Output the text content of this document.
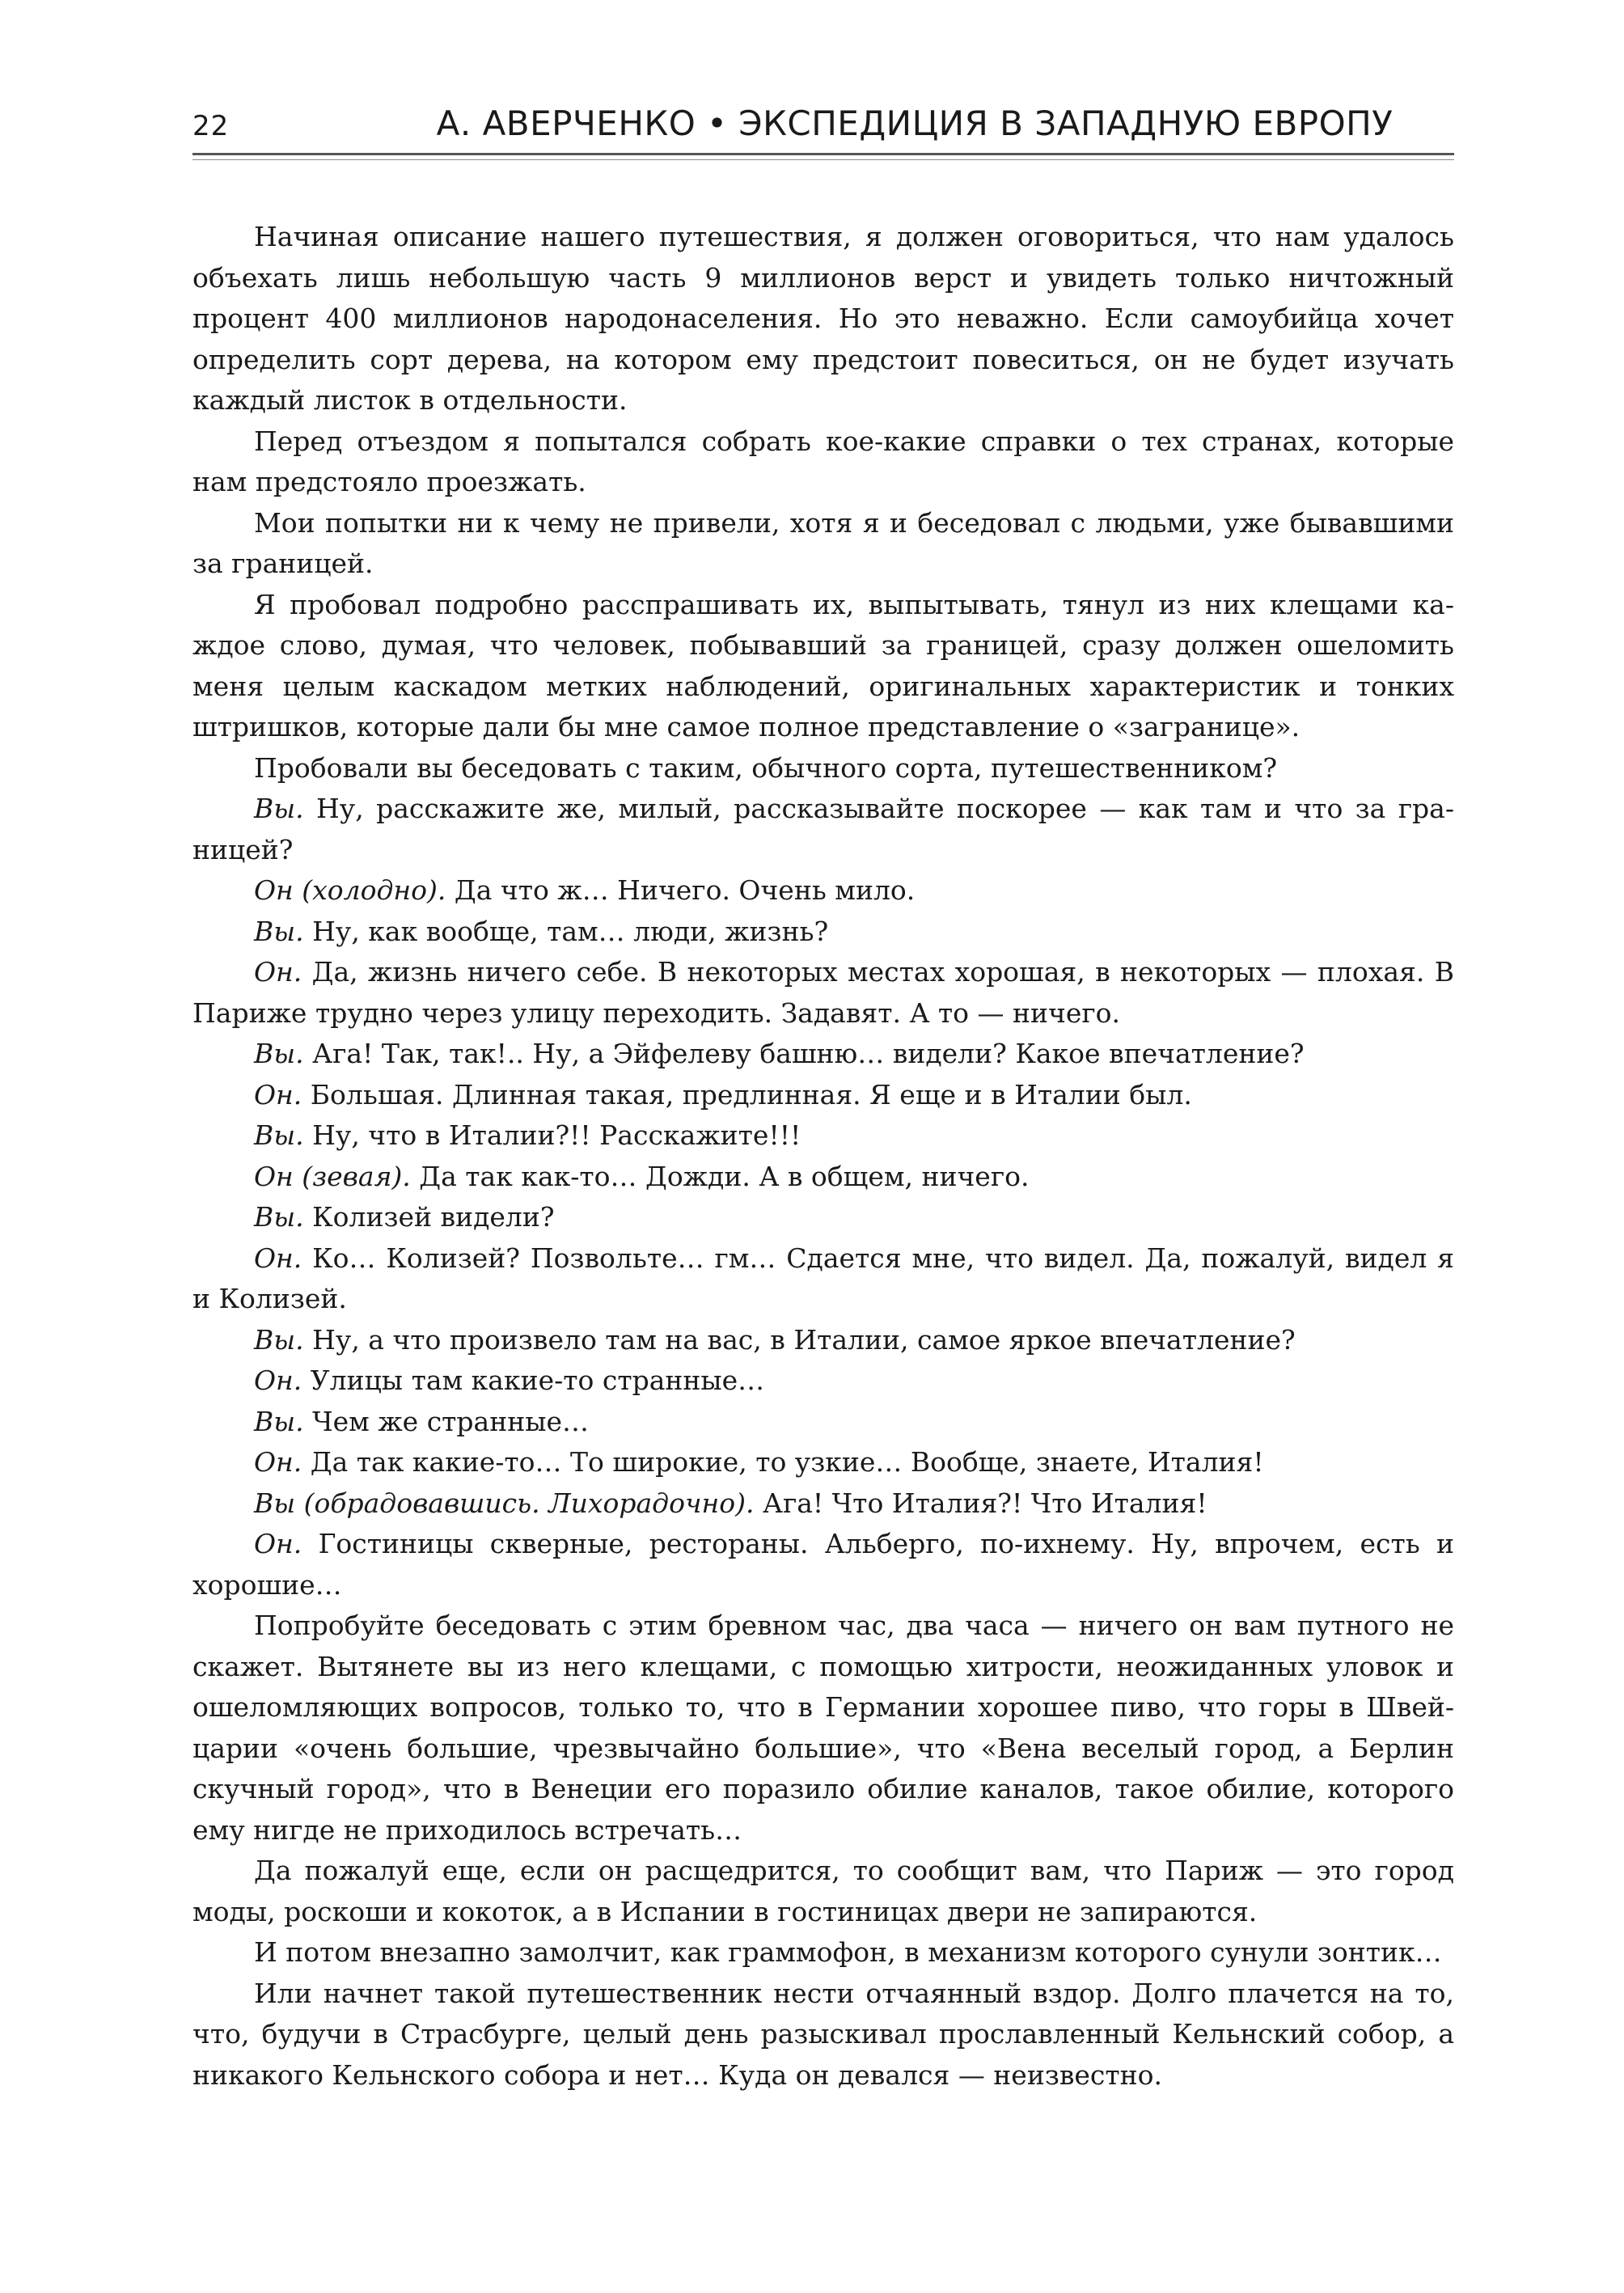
22	А. АВЕРЧЕНКО • ЭКСПЕДИЦИЯ В ЗАПАДНУЮ ЕВРОПУ

Начиная описание нашего путешествия, я должен оговориться, что нам удалось объехать лишь небольшую часть 9 миллионов верст и увидеть только ничтожный процент 400 миллионов народонаселения. Но это неважно. Если самоубийца хочет определить сорт дерева, на котором ему предстоит повеситься, он не будет изучать каждый листок в отдельности.

Перед отъездом я попытался собрать кое-какие справки о тех странах, которые нам предстояло проезжать.

Мои попытки ни к чему не привели, хотя я и беседовал с людьми, уже бывавшими за границей.

Я пробовал подробно расспрашивать их, выпытывать, тянул из них клещами каждое слово, думая, что человек, побывавший за границей, сразу должен ошеломить меня целым каскадом метких наблюдений, оригинальных характеристик и тонких штришков, которые дали бы мне самое полное представление о «загранице».

Пробовали вы беседовать с таким, обычного сорта, путешественником?

Вы. Ну, расскажите же, милый, рассказывайте поскорее — как там и что за границей?

Он (холодно). Да что ж… Ничего. Очень мило.

Вы. Ну, как вообще, там… люди, жизнь?

Он. Да, жизнь ничего себе. В некоторых местах хорошая, в некоторых — плохая. В Париже трудно через улицу переходить. Задавят. А то — ничего.

Вы. Ага! Так, так!.. Ну, а Эйфелеву башню… видели? Какое впечатление?

Он. Большая. Длинная такая, предлинная. Я еще и в Италии был.

Вы. Ну, что в Италии?!! Расскажите!!!

Он (зевая). Да так как-то… Дожди. А в общем, ничего.

Вы. Колизей видели?

Он. Ко… Колизей? Позвольте… гм… Сдается мне, что видел. Да, пожалуй, видел я и Колизей.

Вы. Ну, а что произвело там на вас, в Италии, самое яркое впечатление?

Он. Улицы там какие-то странные…

Вы. Чем же странные…

Он. Да так какие-то… То широкие, то узкие… Вообще, знаете, Италия!

Вы (обрадовавшись. Лихорадочно). Ага! Что Италия?! Что Италия!

Он. Гостиницы скверные, рестораны. Альберго, по-ихнему. Ну, впрочем, есть и хорошие…

Попробуйте беседовать с этим бревном час, два часа — ничего он вам путного не скажет. Вытянете вы из него клещами, с помощью хитрости, неожиданных уловок и ошеломляющих вопросов, только то, что в Германии хорошее пиво, что горы в Швейцарии «очень большие, чрезвычайно большие», что «Вена веселый город, а Берлин скучный город», что в Венеции его поразило обилие каналов, такое обилие, которого ему нигде не приходилось встречать…

Да пожалуй еще, если он расщедрится, то сообщит вам, что Париж — это город моды, роскоши и кокоток, а в Испании в гостиницах двери не запираются.

И потом внезапно замолчит, как граммофон, в механизм которого сунули зонтик…

Или начнет такой путешественник нести отчаянный вздор. Долго плачется на то, что, будучи в Страсбурге, целый день разыскивал прославленный Кельнский собор, а никакого Кельнского собора и нет… Куда он девался — неизвестно.
